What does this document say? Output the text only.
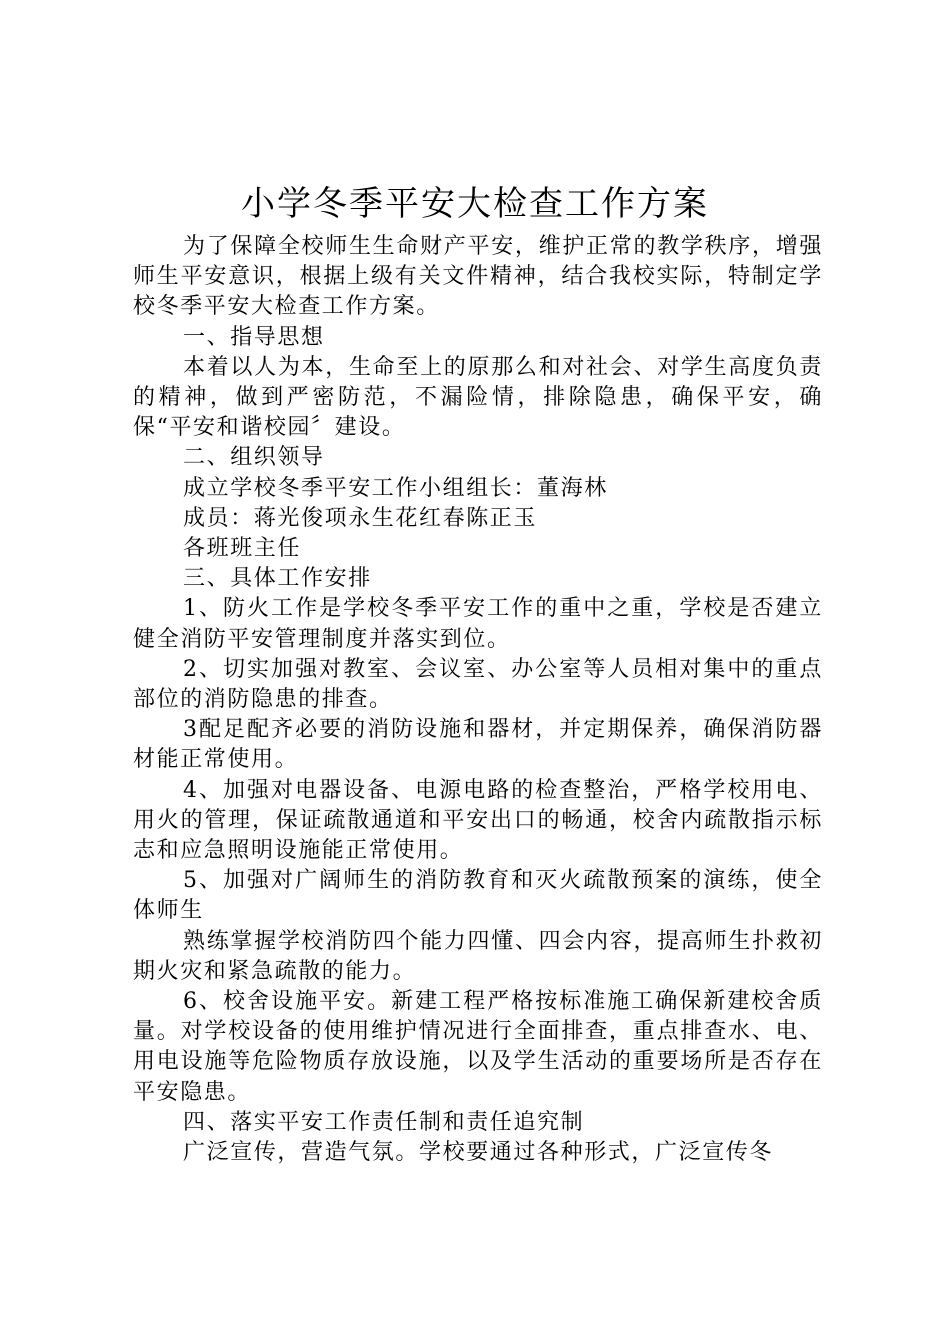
小学冬季平安大检查工作方案

为了保障全校师生生命财产平安，维护正常的教学秩序，增强师生平安意识，根据上级有关文件精神，结合我校实际，特制定学校冬季平安大检查工作方案。

一、指导思想

本着以人为本，生命至上的原那么和对社会、对学生高度负责的精神，做到严密防范，不漏险情，排除隐患，确保平安，确保“平安和谐校园〞建设。

二、组织领导

成立学校冬季平安工作小组组长：董海林

成员：蒋光俊项永生花红春陈正玉

各班班主任

三、具体工作安排

1、防火工作是学校冬季平安工作的重中之重，学校是否建立健全消防平安管理制度并落实到位。

2、切实加强对教室、会议室、办公室等人员相对集中的重点部位的消防隐患的排查。

3配足配齐必要的消防设施和器材，并定期保养，确保消防器材能正常使用。

4、加强对电器设备、电源电路的检查整治，严格学校用电、用火的管理，保证疏散通道和平安出口的畅通，校舍内疏散指示标志和应急照明设施能正常使用。

5、加强对广阔师生的消防教育和灭火疏散预案的演练，使全体师生

熟练掌握学校消防四个能力四懂、四会内容，提高师生扑救初期火灾和紧急疏散的能力。

6、校舍设施平安。新建工程严格按标准施工确保新建校舍质量。对学校设备的使用维护情况进行全面排查，重点排查水、电、用电设施等危险物质存放设施，以及学生活动的重要场所是否存在平安隐患。

四、落实平安工作责任制和责任追究制

广泛宣传，营造气氛。学校要通过各种形式，广泛宣传冬
